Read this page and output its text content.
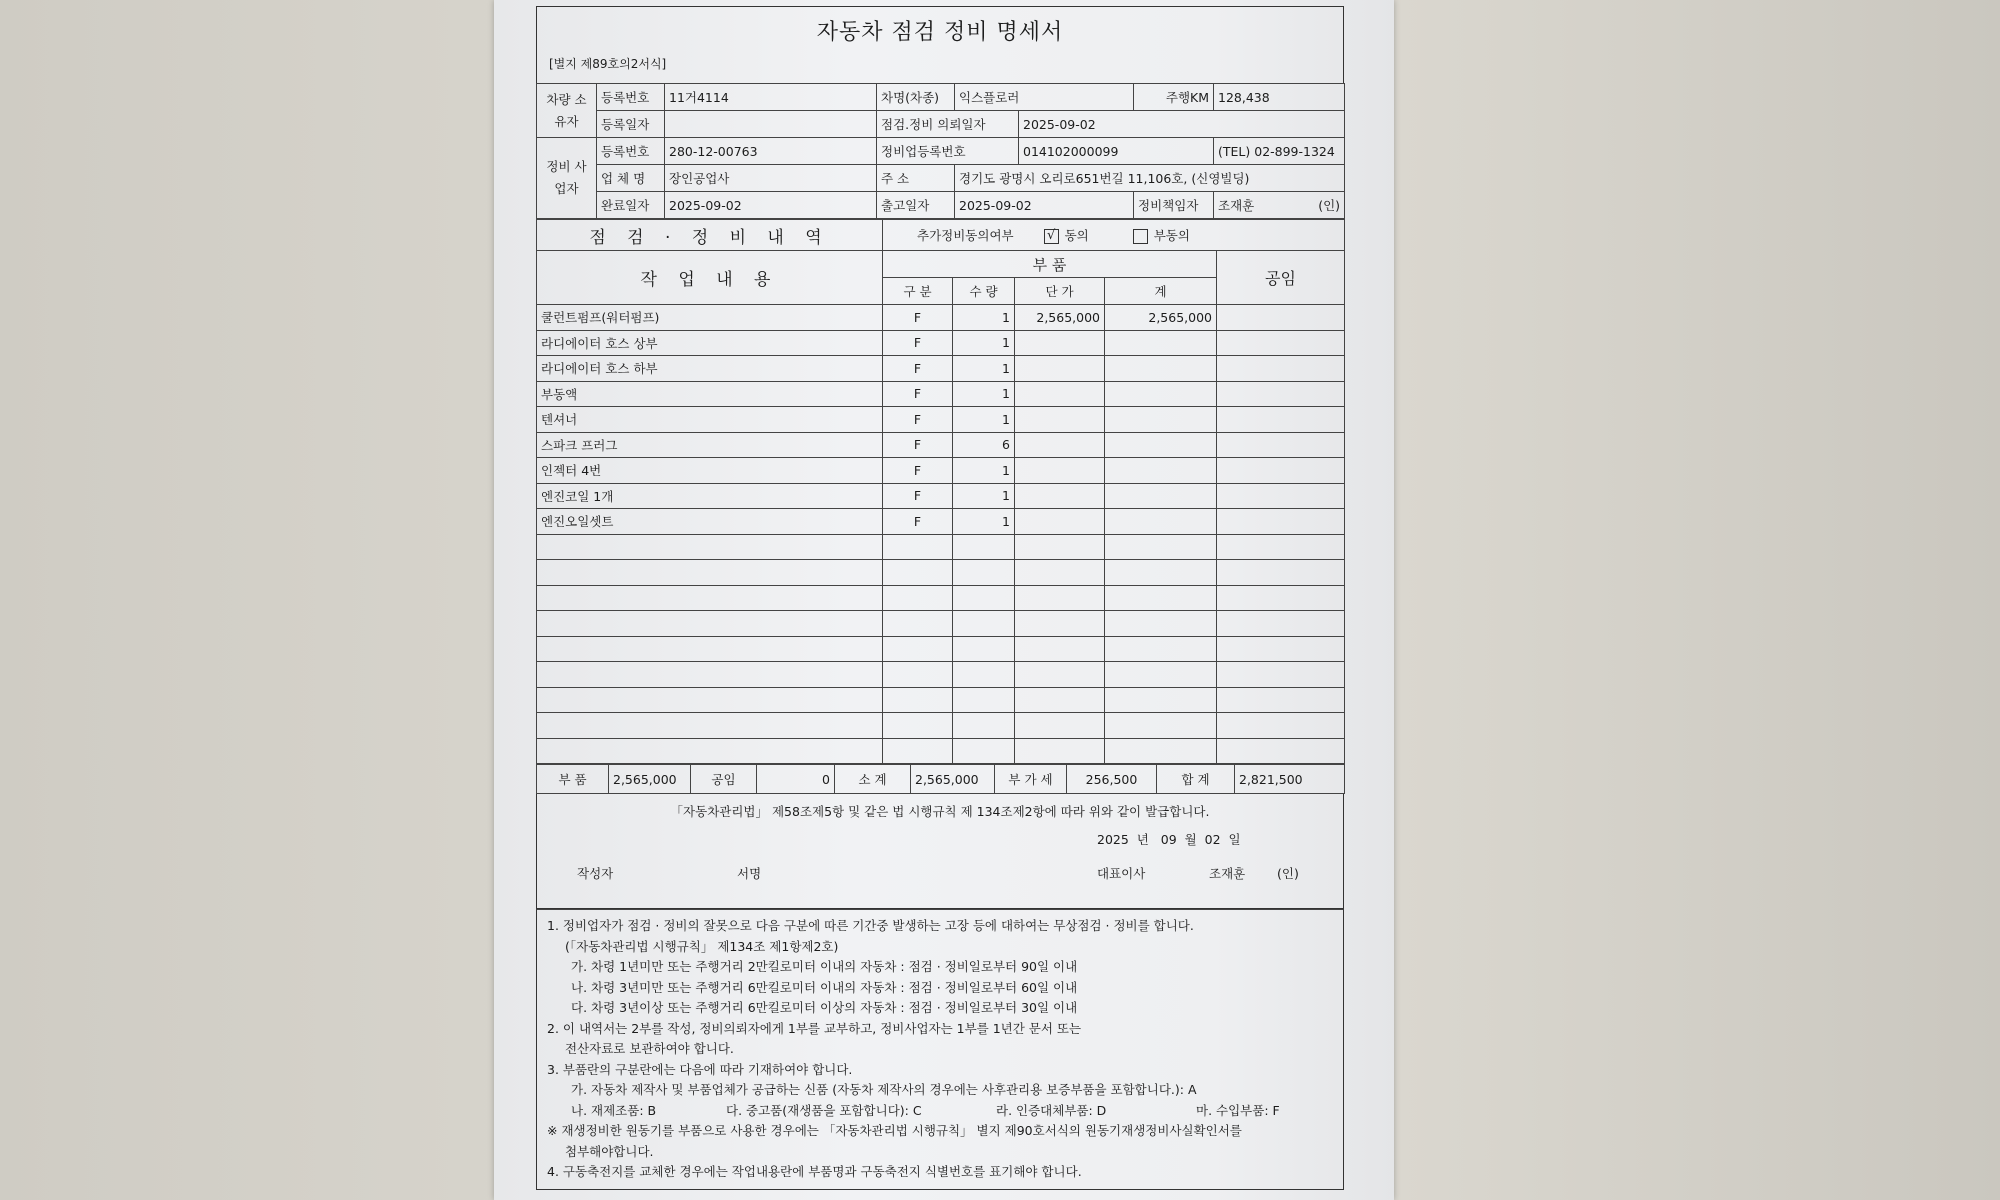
자동차 점검 정비 명세서
[별지 제89호의2서식]
차량 소유자	등록번호	11거4114	차명(차종)	익스플로러		주행KM	128,438
	등록일자		점검.정비 의뢰일자		2025-09-02		
정비 사업자	등록번호	280-12-00763	정비업등록번호		014102000099		(TEL) 02-899-1324
	업 체 명	장인공업사	주 소	경기도 광명시 오리로651번길 11,106호, (신영빌딩)			
	완료일자	2025-09-02	출고일자	2025-09-02		정비책임자	조재훈 (인)
점 검 · 정 비 내 역	추가정비동의여부 √ 동의 부동의				
작 업 내 용	부 품				공임
	구 분	수 량	단 가	계	
쿨런트펌프(워터펌프)	F	1	2,565,000	2,565,000	
라디에이터 호스 상부	F	1			
라디에이터 호스 하부	F	1			
부동액	F	1			
텐셔너	F	1			
스파크 프러그	F	6			
인젝터 4번	F	1			
엔진코일 1개	F	1			
엔진오일셋트	F	1			

부 품	2,565,000	공임	0	소 계	2,565,000	부 가 세	256,500	합 계	2,821,500
「자동차관리법」 제58조제5항 및 같은 법 시행규칙 제 134조제2항에 따라 위와 같이 발급합니다.
2025 년 09 월 02 일
작성자	서명	대표이사	조재훈	(인)
1. 정비업자가 점검 · 정비의 잘못으로 다음 구분에 따른 기간중 발생하는 고장 등에 대하여는 무상점검 · 정비를 합니다.
(「자동차관리법 시행규칙」 제134조 제1항제2호)
가. 차령 1년미만 또는 주행거리 2만킬로미터 이내의 자동차 : 점검 · 정비일로부터 90일 이내
나. 차령 3년미만 또는 주행거리 6만킬로미터 이내의 자동차 : 점검 · 정비일로부터 60일 이내
다. 차령 3년이상 또는 주행거리 6만킬로미터 이상의 자동차 : 점검 · 정비일로부터 30일 이내
2. 이 내역서는 2부를 작성, 정비의뢰자에게 1부를 교부하고, 정비사업자는 1부를 1년간 문서 또는
전산자료로 보관하여야 합니다.
3. 부품란의 구분란에는 다음에 따라 기재하여야 합니다.
가. 자동차 제작사 및 부품업체가 공급하는 신품 (자동차 제작사의 경우에는 사후관리용 보증부품을 포함합니다.): A
나. 재제조품: B	다. 중고품(재생품을 포함합니다): C	라. 인증대체부품: D	마. 수입부품: F
※ 재생정비한 원동기를 부품으로 사용한 경우에는 「자동차관리법 시행규칙」 별지 제90호서식의 원동기재생정비사실확인서를
첨부해야합니다.
4. 구동축전지를 교체한 경우에는 작업내용란에 부품명과 구동축전지 식별번호를 표기해야 합니다.
